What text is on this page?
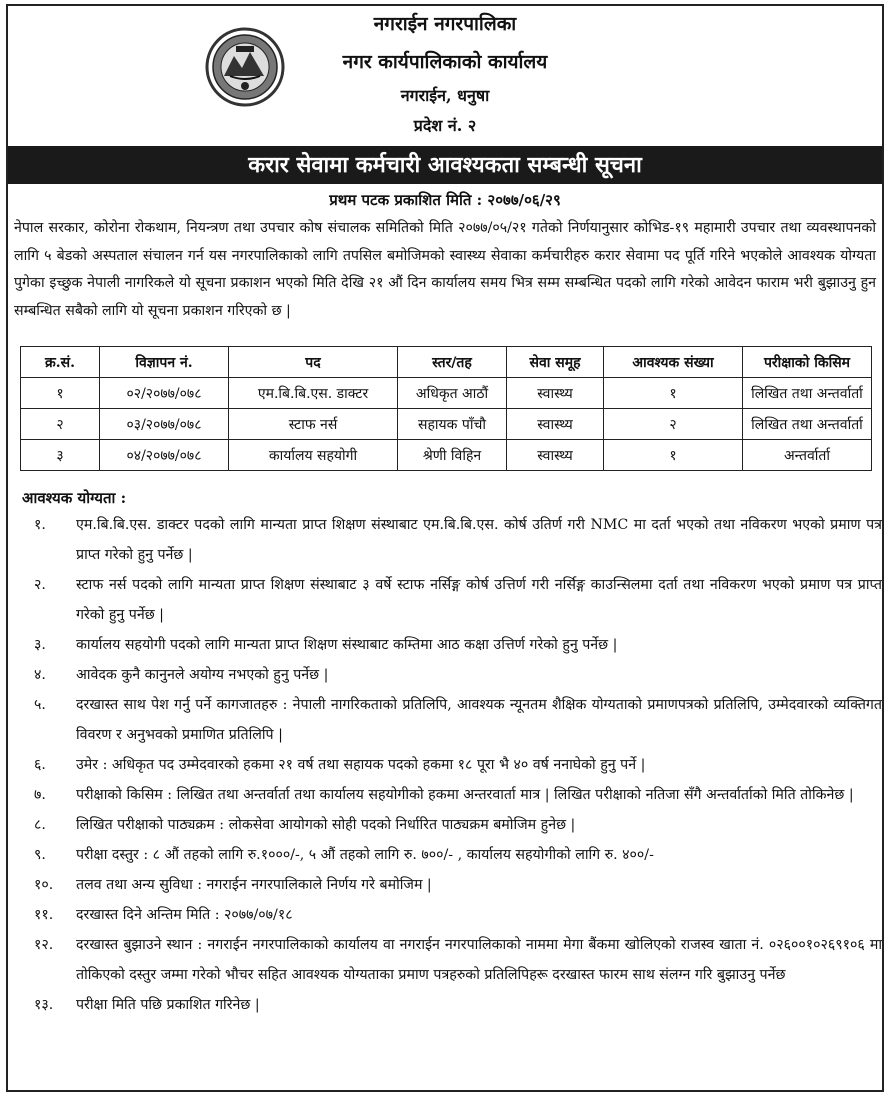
नगराईन नगरपालिका
नगर कार्यपालिकाको कार्यालय
नगराईन, धनुषा
प्रदेश नं. २
करार सेवामा कर्मचारी आवश्यकता सम्बन्धी सूचना
प्रथम पटक प्रकाशित मिति : २०७७/०६/२९
नेपाल सरकार, कोरोना रोकथाम, नियन्त्रण तथा उपचार कोष संचालक समितिको मिति २०७७/०५/२१ गतेको निर्णयानुसार कोभिड-१९ महामारी उपचार तथा व्यवस्थापनको लागि ५ बेडको अस्पताल संचालन गर्न यस नगरपालिकाको लागि तपसिल बमोजिमको स्वास्थ्य सेवाका कर्मचारीहरु करार सेवामा पद पूर्ति गरिने भएकोले आवश्यक योग्यता पुगेका इच्छुक नेपाली नागरिकले यो सूचना प्रकाशन भएको मिति देखि २१ औं दिन कार्यालय समय भित्र सम्म सम्बन्धित पदको लागि गरेको आवेदन फाराम भरी बुझाउनु हुन सम्बन्धित सबैको लागि यो सूचना प्रकाशन गरिएको छ |
क्र.सं.	विज्ञापन नं.	पद	स्तर/तह	सेवा समूह	आवश्यक संख्या	परीक्षाको किसिम
१	०२/२०७७/०७८	एम.बि.बि.एस. डाक्टर	अधिकृत आठौं	स्वास्थ्य	१	लिखित तथा अन्तर्वार्ता
२	०३/२०७७/०७८	स्टाफ नर्स	सहायक पाँचौ	स्वास्थ्य	२	लिखित तथा अन्तर्वार्ता
३	०४/२०७७/०७८	कार्यालय सहयोगी	श्रेणी विहिन	स्वास्थ्य	१	अन्तर्वार्ता
आवश्यक योग्यता :
१.	एम.बि.बि.एस. डाक्टर पदको लागि मान्यता प्राप्त शिक्षण संस्थाबाट एम.बि.बि.एस. कोर्ष उतिर्ण गरी NMC मा दर्ता भएको तथा नविकरण भएको प्रमाण पत्र प्राप्त गरेको हुनु पर्नेछ |
२.	स्टाफ नर्स पदको लागि मान्यता प्राप्त शिक्षण संस्थाबाट ३ वर्षे स्टाफ नर्सिङ्ग कोर्ष उत्तिर्ण गरी नर्सिङ्ग काउन्सिलमा दर्ता तथा नविकरण भएको प्रमाण पत्र प्राप्त गरेको हुनु पर्नेछ |
३.	कार्यालय सहयोगी पदको लागि मान्यता प्राप्त शिक्षण संस्थाबाट कम्तिमा आठ कक्षा उत्तिर्ण गरेको हुनु पर्नेछ |
४.	आवेदक कुनै कानुनले अयोग्य नभएको हुनु पर्नेछ |
५.	दरखास्त साथ पेश गर्नु पर्ने कागजातहरु : नेपाली नागरिकताको प्रतिलिपि, आवश्यक न्यूनतम शैक्षिक योग्यताको प्रमाणपत्रको प्रतिलिपि, उम्मेदवारको व्यक्तिगत विवरण र अनुभवको प्रमाणित प्रतिलिपि |
६.	उमेर : अधिकृत पद उम्मेदवारको हकमा २१ वर्ष तथा सहायक पदको हकमा १८ पूरा भै ४० वर्ष ननाघेको हुनु पर्ने |
७.	परीक्षाको किसिम : लिखित तथा अन्तर्वार्ता तथा कार्यालय सहयोगीको हकमा अन्तरवार्ता मात्र | लिखित परीक्षाको नतिजा सँगै अन्तर्वार्ताको मिति तोकिनेछ |
८.	लिखित परीक्षाको पाठ्यक्रम : लोकसेवा आयोगको सोही पदको निर्धारित पाठ्यक्रम बमोजिम हुनेछ |
९.	परीक्षा दस्तुर : ८ औं तहको लागि रु.१०००/-, ५ औं तहको लागि रु. ७००/- , कार्यालय सहयोगीको लागि रु. ४००/-
१०.	तलव तथा अन्य सुविधा : नगराईन नगरपालिकाले निर्णय गरे बमोजिम |
११.	दरखास्त दिने अन्तिम मिति : २०७७/०७/१८
१२.	दरखास्त बुझाउने स्थान : नगराईन नगरपालिकाको कार्यालय वा नगराईन नगरपालिकाको नाममा मेगा बैंकमा खोलिएको राजस्व खाता नं. ०२६००१०२६९१०६ मा तोकिएको दस्तुर जम्मा गरेको भौचर सहित आवश्यक योग्यताका प्रमाण पत्रहरुको प्रतिलिपिहरू दरखास्त फारम साथ संलग्न गरि बुझाउनु पर्नेछ
१३.	परीक्षा मिति पछि प्रकाशित गरिनेछ |
